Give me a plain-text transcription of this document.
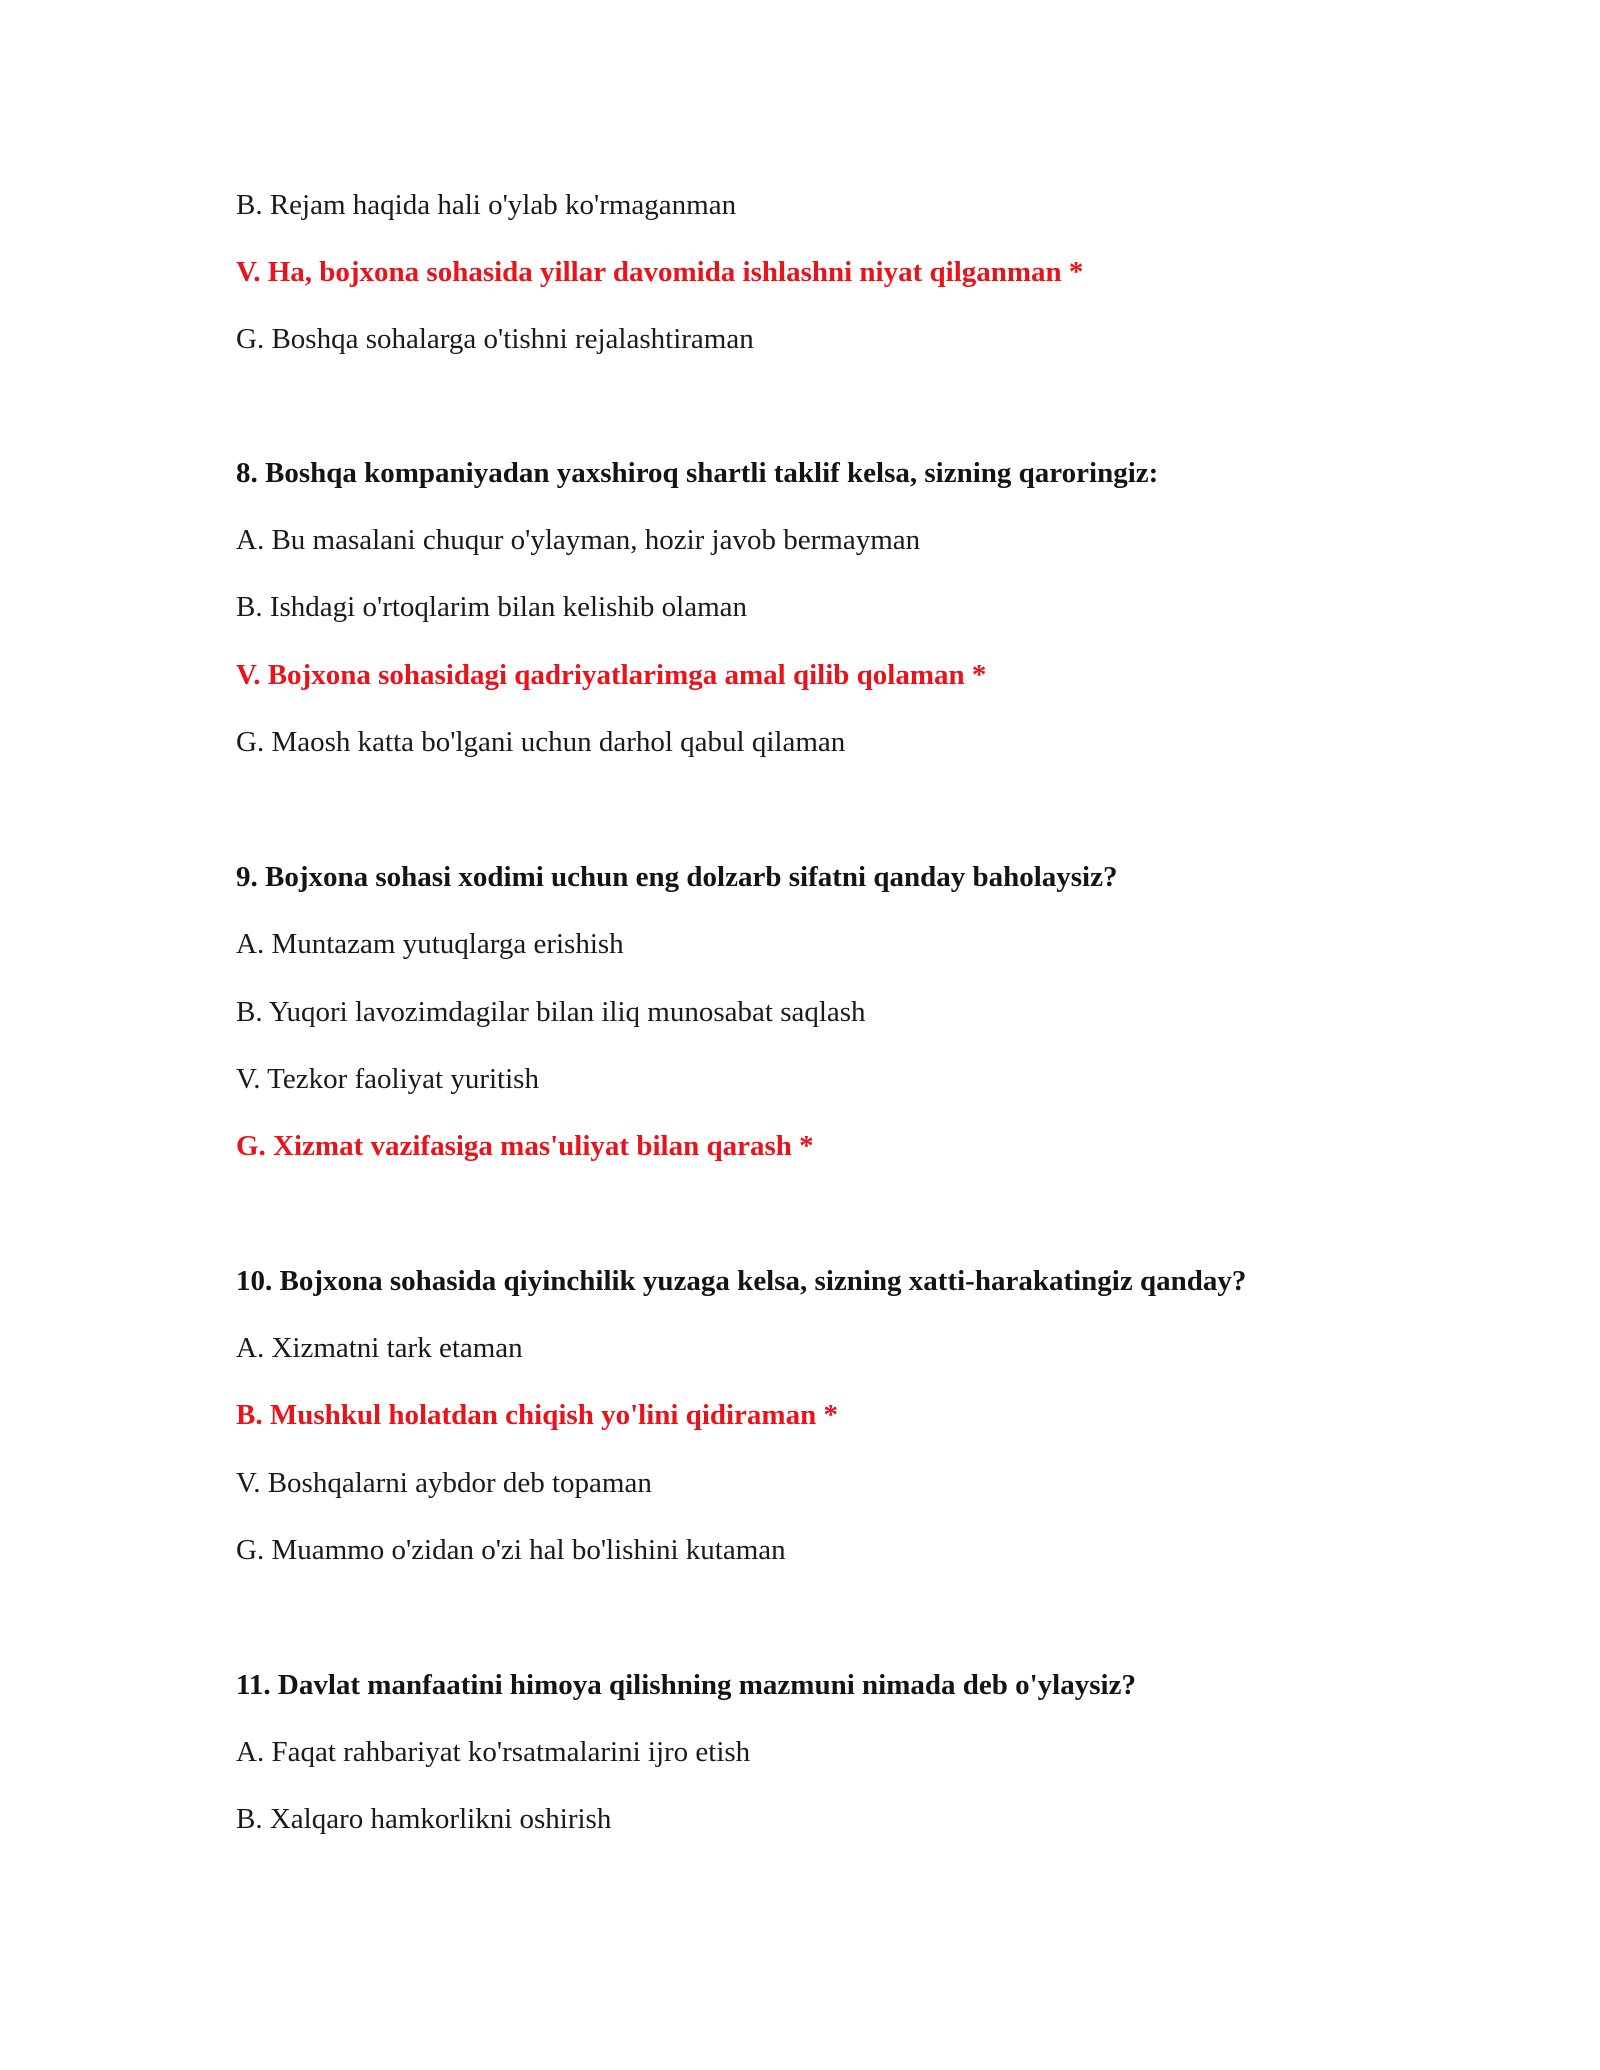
B. Rejam haqida hali o'ylab ko'rmaganman
V. Ha, bojxona sohasida yillar davomida ishlashni niyat qilganman *
G. Boshqa sohalarga o'tishni rejalashtiraman
8. Boshqa kompaniyadan yaxshiroq shartli taklif kelsa, sizning qaroringiz:
A. Bu masalani chuqur o'ylayman, hozir javob bermayman
B. Ishdagi o'rtoqlarim bilan kelishib olaman
V. Bojxona sohasidagi qadriyatlarimga amal qilib qolaman *
G. Maosh katta bo'lgani uchun darhol qabul qilaman
9. Bojxona sohasi xodimi uchun eng dolzarb sifatni qanday baholaysiz?
A. Muntazam yutuqlarga erishish
B. Yuqori lavozimdagilar bilan iliq munosabat saqlash
V. Tezkor faoliyat yuritish
G. Xizmat vazifasiga mas'uliyat bilan qarash *
10. Bojxona sohasida qiyinchilik yuzaga kelsa, sizning xatti-harakatingiz qanday?
A. Xizmatni tark etaman
B. Mushkul holatdan chiqish yo'lini qidiraman *
V. Boshqalarni aybdor deb topaman
G. Muammo o'zidan o'zi hal bo'lishini kutaman
11. Davlat manfaatini himoya qilishning mazmuni nimada deb o'ylaysiz?
A. Faqat rahbariyat ko'rsatmalarini ijro etish
B. Xalqaro hamkorlikni oshirish
